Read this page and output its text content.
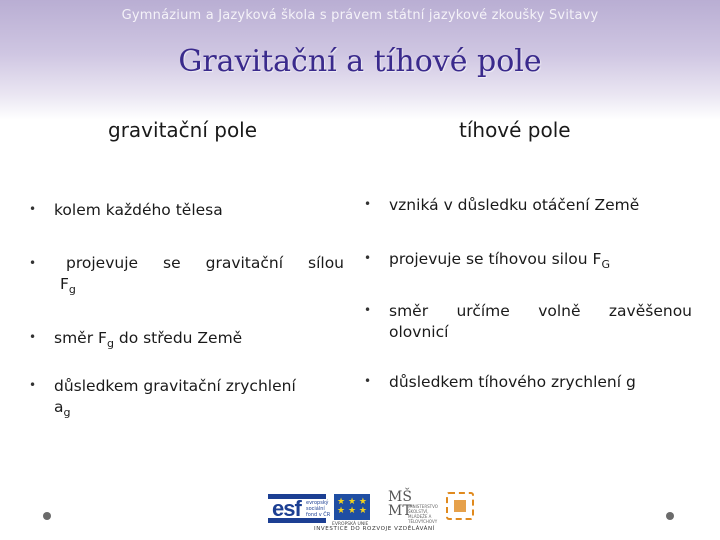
Gymnázium a Jazyková škola s právem státní jazykové zkoušky Svitavy
Gravitační a tíhové pole
gravitační pole	tíhové pole
• kolem každého tělesa
•	projevuje se gravitační sílou
$F_g$
• směr $F_g$ do středu Země
• důsledkem gravitační zrychlení
$a_g$
• vzniká v důsledku otáčení Země
• projevuje se tíhovou silou $F_G$
• směr určíme volně zavěšenou
olovnicí
• důsledkem tíhového zrychlení g
esf evropský sociální fond v ČR
★ ★ ★ ★ ★ ★
EVROPSKÁ UNIE
MŠ MT
MINISTERSTVO ŠKOLSTVÍ, MLÁDEŽE A TĚLOVÝCHOVY
INVESTICE DO ROZVOJE VZDĚLÁVÁNÍ
